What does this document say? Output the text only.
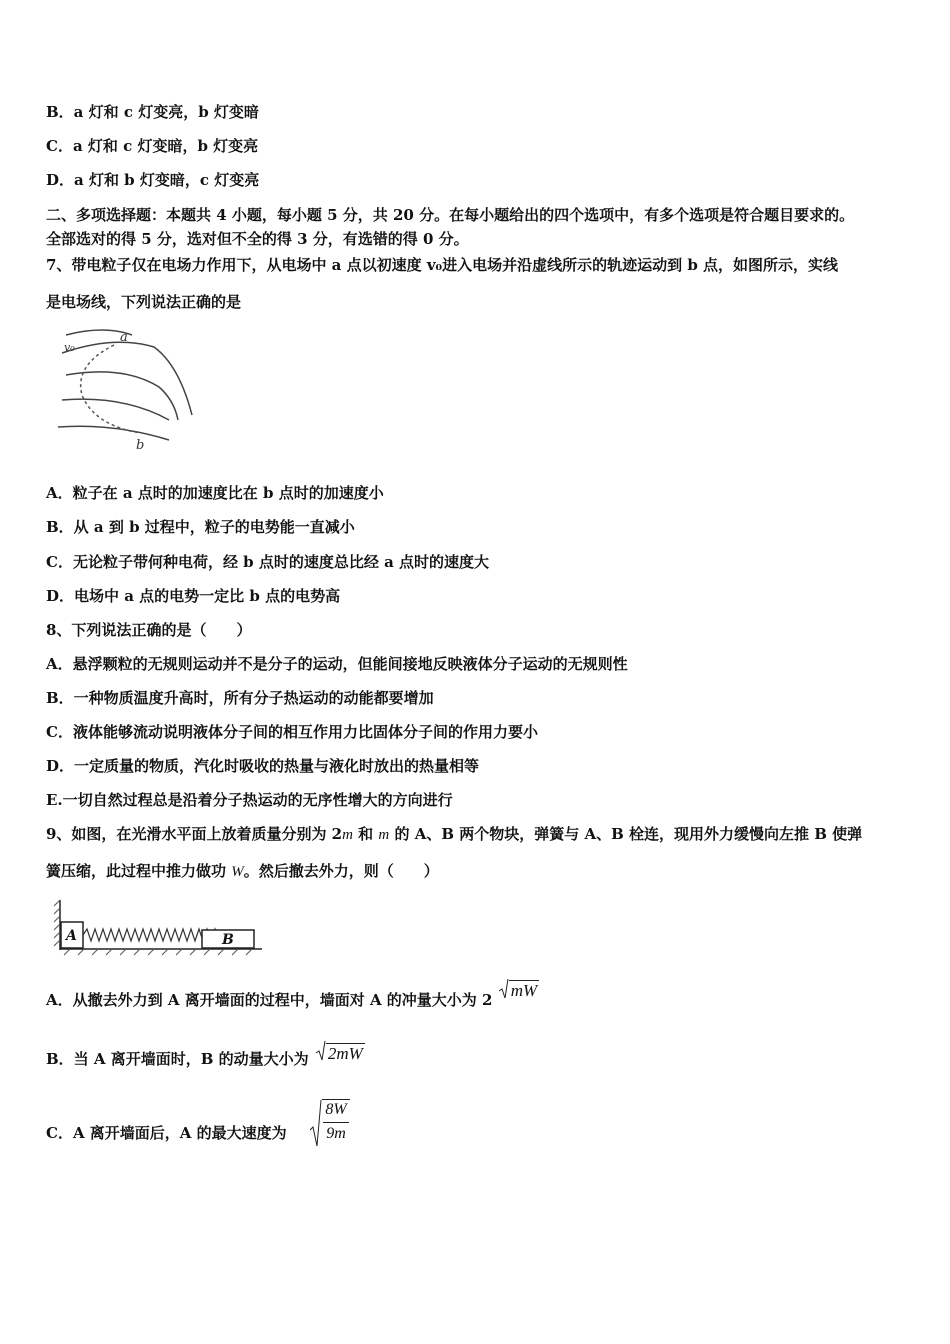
B．a 灯和 c 灯变亮，b 灯变暗
C．a 灯和 c 灯变暗，b 灯变亮
D．a 灯和 b 灯变暗，c 灯变亮
二、多项选择题：本题共 4 小题，每小题 5 分，共 20 分。在每小题给出的四个选项中，有多个选项是符合题目要求的。
全部选对的得 5 分，选对但不全的得 3 分，有选错的得 0 分。
7、带电粒子仅在电场力作用下，从电场中 a 点以初速度 v₀进入电场并沿虚线所示的轨迹运动到 b 点，如图所示，实线
是电场线，下列说法正确的是
a
v₀
b
A．粒子在 a 点时的加速度比在 b 点时的加速度小
B．从 a 到 b 过程中，粒子的电势能一直减小
C．无论粒子带何种电荷，经 b 点时的速度总比经 a 点时的速度大
D．电场中 a 点的电势一定比 b 点的电势高
8、下列说法正确的是（　　）
A．悬浮颗粒的无规则运动并不是分子的运动，但能间接地反映液体分子运动的无规则性
B．一种物质温度升高时，所有分子热运动的动能都要增加
C．液体能够流动说明液体分子间的相互作用力比固体分子间的作用力要小
D．一定质量的物质，汽化时吸收的热量与液化时放出的热量相等
E.一切自然过程总是沿着分子热运动的无序性增大的方向进行
9、如图，在光滑水平面上放着质量分别为 2m 和 m 的 A、B 两个物块，弹簧与 A、B 栓连，现用外力缓慢向左推 B 使弹
簧压缩，此过程中推力做功 W。然后撤去外力，则（　　）
A	B
A．从撤去外力到 A 离开墙面的过程中，墙面对 A 的冲量大小为 2 mW
B．当 A 离开墙面时，B 的动量大小为 2mW
C．A 离开墙面后，A 的最大速度为
8W
9m
